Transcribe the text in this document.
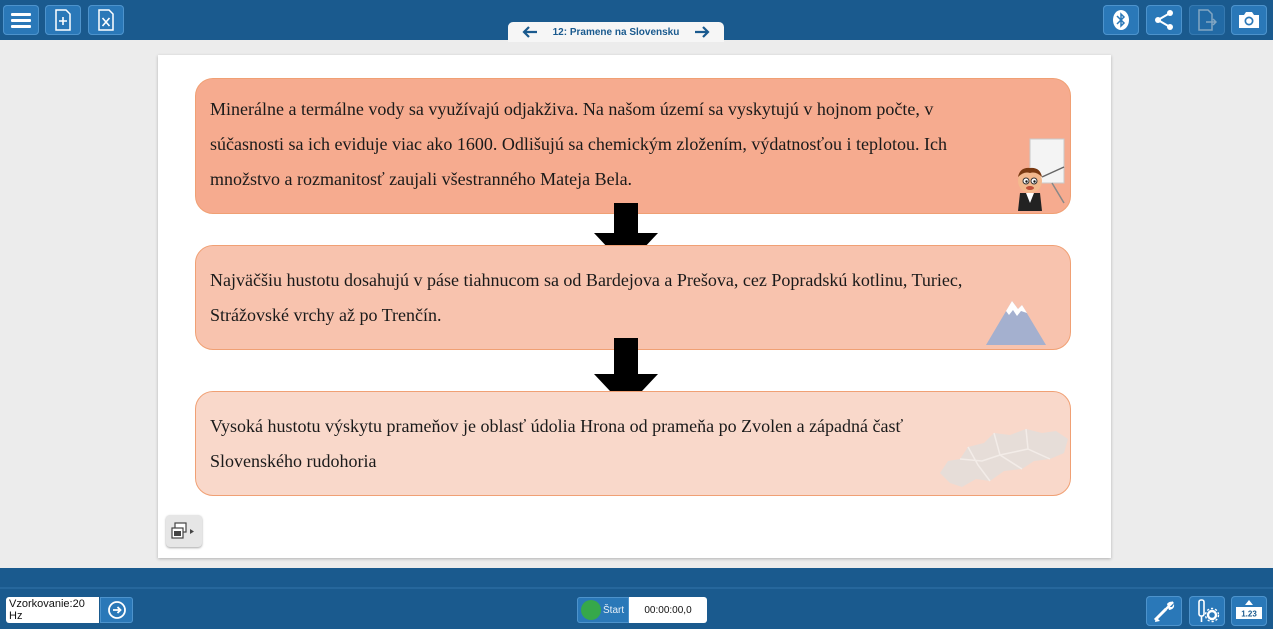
12: Pramene na Slovensku
Minerálne a termálne vody sa využívajú odjakživa. Na našom území sa vyskytujú v hojnom počte, v súčasnosti sa ich eviduje viac ako 1600. Odlišujú sa chemickým zložením, výdatnosťou i teplotou. Ich množstvo a rozmanitosť zaujali všestranného Mateja Bela.
Najväčšiu hustotu dosahujú v páse tiahnucom sa od Bardejova a Prešova, cez Popradskú kotlinu, Turiec, Strážovské vrchy až po Trenčín.
Vysoká hustotu výskytu prameňov je oblasť údolia Hrona od prameňa po Zvolen a západná časť Slovenského rudohoria
Vzorkovanie:20 Hz	Štart 00:00:00,0	1.23
